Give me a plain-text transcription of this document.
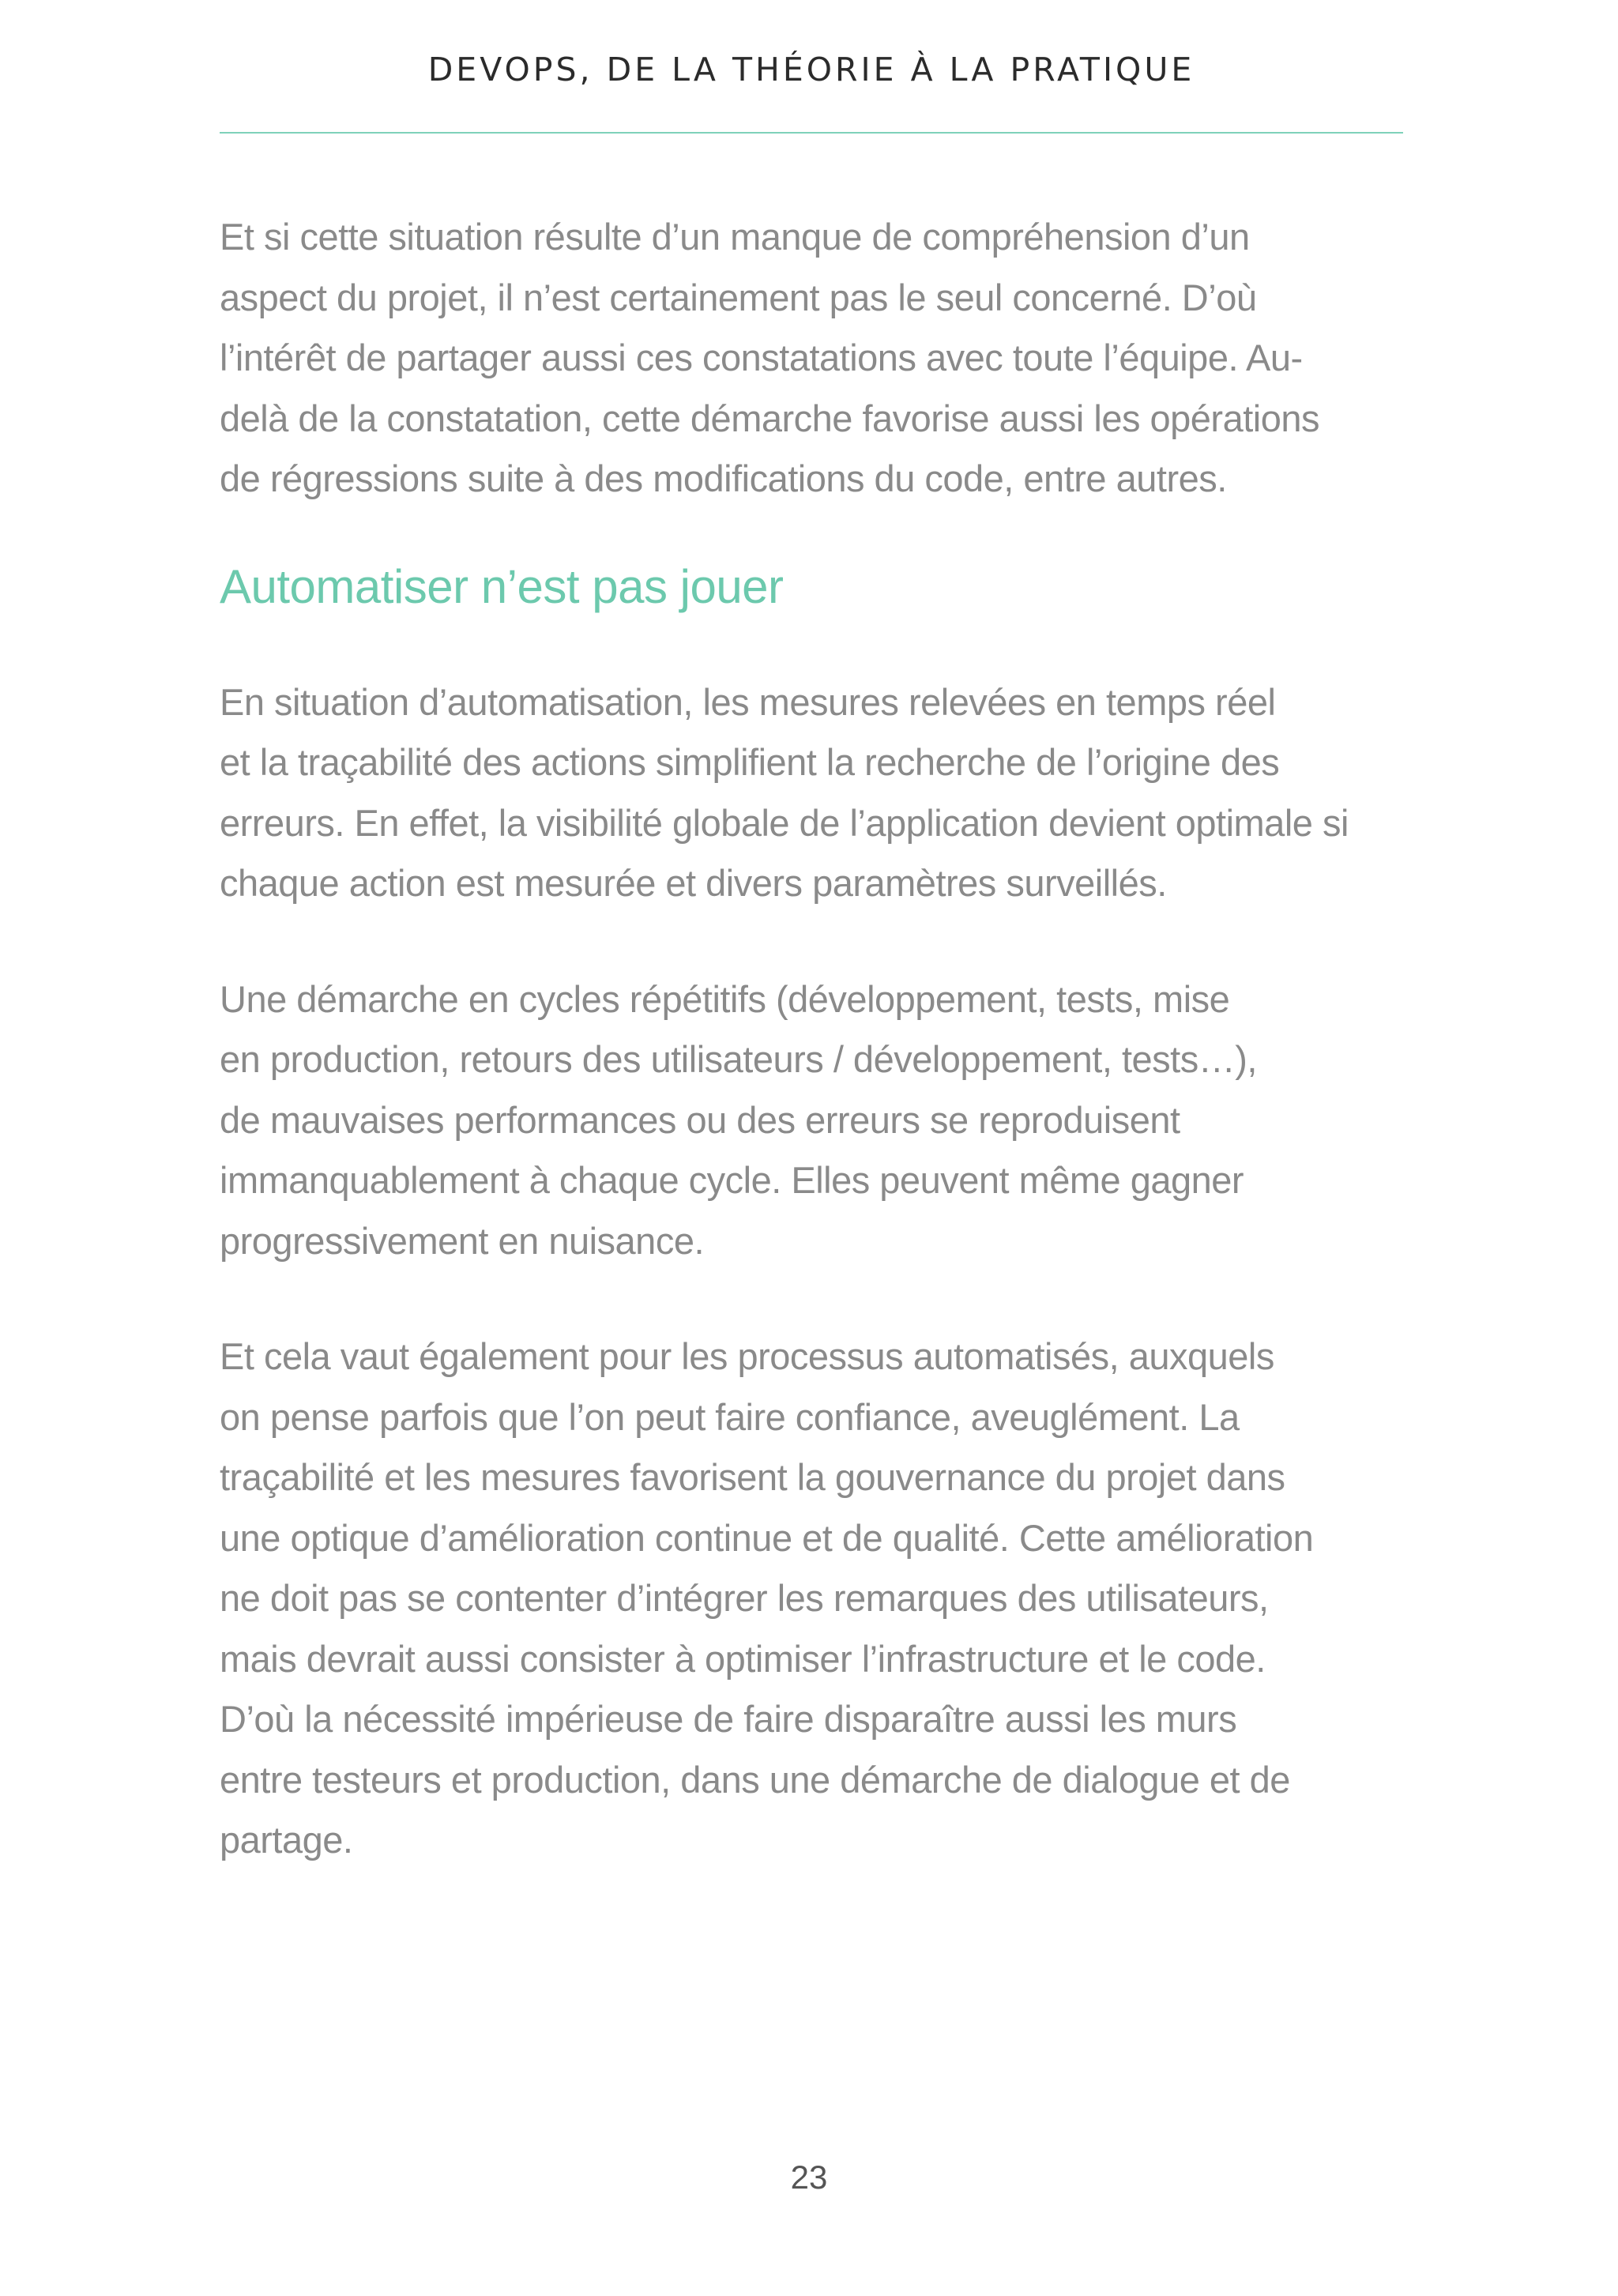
DEVOPS, DE LA THÉORIE À LA PRATIQUE

Et si cette situation résulte d’un manque de compréhension d’un
aspect du projet, il n’est certainement pas le seul concerné. D’où
l’intérêt de partager aussi ces constatations avec toute l’équipe. Au-
delà de la constatation, cette démarche favorise aussi les opérations
de régressions suite à des modifications du code, entre autres.

Automatiser n’est pas jouer

En situation d’automatisation, les mesures relevées en temps réel
et la traçabilité des actions simplifient la recherche de l’origine des
erreurs. En effet, la visibilité globale de l’application devient optimale si
chaque action est mesurée et divers paramètres surveillés.

Une démarche en cycles répétitifs (développement, tests, mise
en production, retours des utilisateurs / développement, tests…),
de mauvaises performances ou des erreurs se reproduisent
immanquablement à chaque cycle. Elles peuvent même gagner
progressivement en nuisance.

Et cela vaut également pour les processus automatisés, auxquels
on pense parfois que l’on peut faire confiance, aveuglément. La
traçabilité et les mesures favorisent la gouvernance du projet dans
une optique d’amélioration continue et de qualité. Cette amélioration
ne doit pas se contenter d’intégrer les remarques des utilisateurs,
mais devrait aussi consister à optimiser l’infrastructure et le code.
D’où la nécessité impérieuse de faire disparaître aussi les murs
entre testeurs et production, dans une démarche de dialogue et de
partage.

23
